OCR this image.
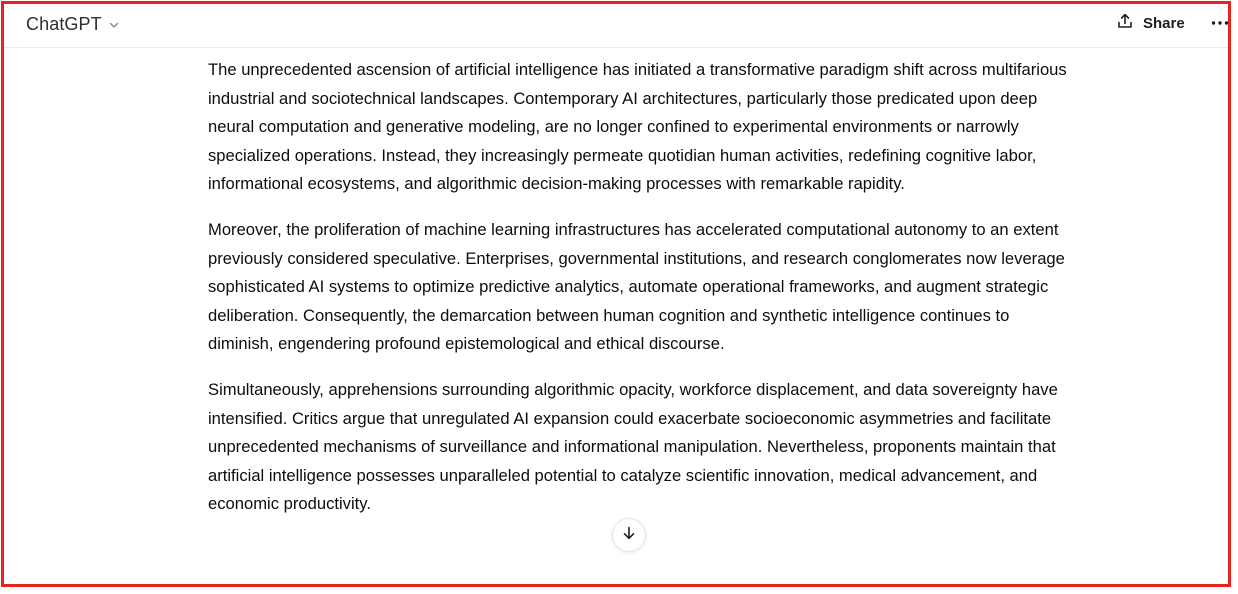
ChatGPT	Share

The unprecedented ascension of artificial intelligence has initiated a transformative paradigm shift across multifarious industrial and sociotechnical landscapes. Contemporary AI architectures, particularly those predicated upon deep neural computation and generative modeling, are no longer confined to experimental environments or narrowly specialized operations. Instead, they increasingly permeate quotidian human activities, redefining cognitive labor, informational ecosystems, and algorithmic decision-making processes with remarkable rapidity.

Moreover, the proliferation of machine learning infrastructures has accelerated computational autonomy to an extent previously considered speculative. Enterprises, governmental institutions, and research conglomerates now leverage sophisticated AI systems to optimize predictive analytics, automate operational frameworks, and augment strategic deliberation. Consequently, the demarcation between human cognition and synthetic intelligence continues to diminish, engendering profound epistemological and ethical discourse.

Simultaneously, apprehensions surrounding algorithmic opacity, workforce displacement, and data sovereignty have intensified. Critics argue that unregulated AI expansion could exacerbate socioeconomic asymmetries and facilitate unprecedented mechanisms of surveillance and informational manipulation. Nevertheless, proponents maintain that artificial intelligence possesses unparalleled potential to catalyze scientific innovation, medical advancement, and economic productivity.
